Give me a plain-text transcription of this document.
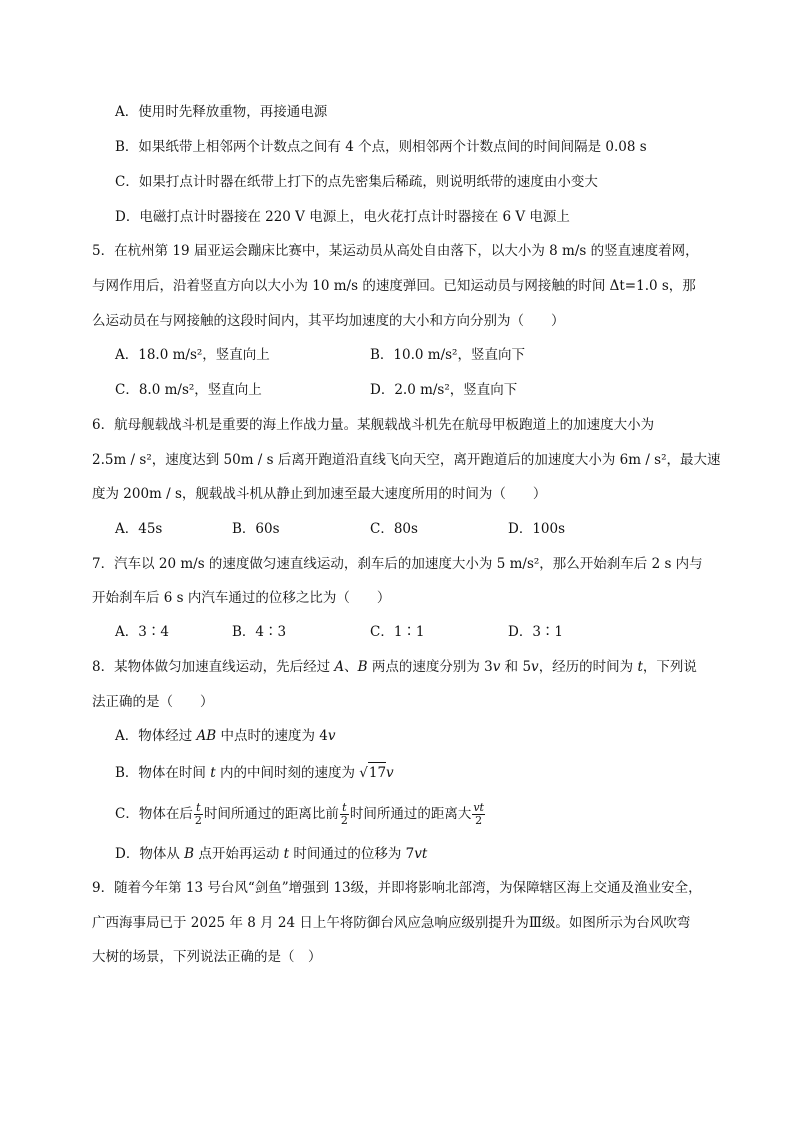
A．使用时先释放重物，再接通电源
B．如果纸带上相邻两个计数点之间有 4 个点，则相邻两个计数点间的时间间隔是 0.08 s
C．如果打点计时器在纸带上打下的点先密集后稀疏，则说明纸带的速度由小变大
D．电磁打点计时器接在 220 V 电源上，电火花打点计时器接在 6 V 电源上
5．在杭州第 19 届亚运会蹦床比赛中，某运动员从高处自由落下，以大小为 8 m/s 的竖直速度着网，
与网作用后，沿着竖直方向以大小为 10 m/s 的速度弹回。已知运动员与网接触的时间 Δt=1.0 s，那
么运动员在与网接触的这段时间内，其平均加速度的大小和方向分别为（　　）
A．18.0 m/s²，竖直向上	B．10.0 m/s²，竖直向下
C．8.0 m/s²，竖直向上	D．2.0 m/s²，竖直向下
6．航母舰载战斗机是重要的海上作战力量。某舰载战斗机先在航母甲板跑道上的加速度大小为
2.5m / s²，速度达到 50m / s 后离开跑道沿直线飞向天空，离开跑道后的加速度大小为 6m / s²，最大速
度为 200m / s，舰载战斗机从静止到加速至最大速度所用的时间为（　　）
A．45s	B．60s	C．80s	D．100s
7．汽车以 20 m/s 的速度做匀速直线运动，刹车后的加速度大小为 5 m/s²，那么开始刹车后 2 s 内与
开始刹车后 6 s 内汽车通过的位移之比为（　　）
A．3∶4	B．4∶3	C．1∶1	D．3∶1
8．某物体做匀加速直线运动，先后经过 A、B 两点的速度分别为 3v 和 5v，经历的时间为 t，下列说
法正确的是（　　）
A．物体经过 AB 中点时的速度为 4v
B．物体在时间 t 内的中间时刻的速度为 √17v
C．物体在后 $\frac{t}{2}$ 时间所通过的距离比前 $\frac{t}{2}$ 时间所通过的距离大 $\frac{vt}{2}$
D．物体从 B 点开始再运动 t 时间通过的位移为 7vt
9．随着今年第 13 号台风“剑鱼”增强到 13级，并即将影响北部湾，为保障辖区海上交通及渔业安全，
广西海事局已于 2025 年 8 月 24 日上午将防御台风应急响应级别提升为Ⅲ级。如图所示为台风吹弯
大树的场景，下列说法正确的是（　）
